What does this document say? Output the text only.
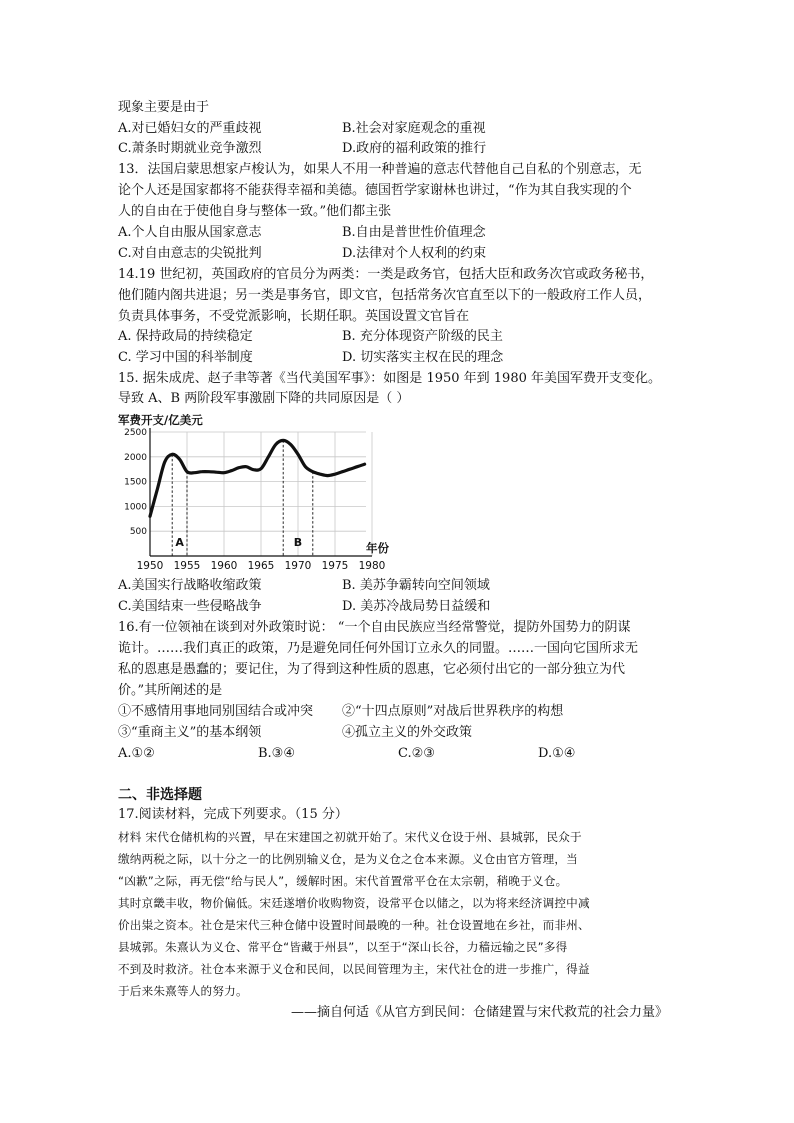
现象主要是由于
A.对已婚妇女的严重歧视	B.社会对家庭观念的重视
C.萧条时期就业竞争激烈	D.政府的福利政策的推行
13．法国启蒙思想家卢梭认为，如果人不用一种普遍的意志代替他自己自私的个别意志，无
论个人还是国家都将不能获得幸福和美德。德国哲学家谢林也讲过，“作为其自我实现的个
人的自由在于使他自身与整体一致。”他们都主张
A.个人自由服从国家意志	B.自由是普世性价值理念
C.对自由意志的尖锐批判	D.法律对个人权利的约束
14.19 世纪初，英国政府的官员分为两类：一类是政务官，包括大臣和政务次官或政务秘书，
他们随内阁共进退；另一类是事务官，即文官，包括常务次官直至以下的一般政府工作人员，
负责具体事务，不受党派影响，长期任职。英国设置文官旨在
A. 保持政局的持续稳定	B. 充分体现资产阶级的民主
C. 学习中国的科举制度	D. 切实落实主权在民的理念
15. 据朱成虎、赵子聿等著《当代美国军事》：如图是 1950 年到 1980 年美国军费开支变化。
导致 A、B 两阶段军事激剧下降的共同原因是（ ）
2500
2000
1500
1000
500
1950 1955 1960 1965 1970 1975 1980
军费开支/亿美元
年份
A	B
A.美国实行战略收缩政策	B. 美苏争霸转向空间领域
C.美国结束一些侵略战争	D. 美苏冷战局势日益缓和
16.有一位领袖在谈到对外政策时说： “一个自由民族应当经常警觉，提防外国势力的阴谋
诡计。……我们真正的政策，乃是避免同任何外国订立永久的同盟。……一国向它国所求无
私的恩惠是愚蠢的；要记住，为了得到这种性质的恩惠，它必须付出它的一部分独立为代
价。”其所阐述的是
①不感情用事地同别国结合或冲突 ②“十四点原则”对战后世界秩序的构想
③“重商主义”的基本纲领	④孤立主义的外交政策
A.①②	B.③④	C.②③	D.①④
二、非选择题
17.阅读材料，完成下列要求。（15 分）
材料 宋代仓储机构的兴置，早在宋建国之初就开始了。宋代义仓设于州、县城郭，民众于
缴纳两税之际，以十分之一的比例别输义仓，是为义仓之仓本来源。义仓由官方管理，当
“凶歉”之际，再无偿“给与民人”，缓解时困。宋代首置常平仓在太宗朝，稍晚于义仓。
其时京畿丰收，物价偏低。宋廷遂增价收购物资，设常平仓以储之，以为将来经济调控中减
价出粜之资本。社仓是宋代三种仓储中设置时间最晚的一种。社仓设置地在乡社，而非州、
县城郭。朱熹认为义仓、常平仓“皆藏于州县”，以至于“深山长谷，力穑远输之民”多得
不到及时救济。社仓本来源于义仓和民间，以民间管理为主，宋代社仓的进一步推广，得益
于后来朱熹等人的努力。
——摘自何适《从官方到民间：仓储建置与宋代救荒的社会力量》
